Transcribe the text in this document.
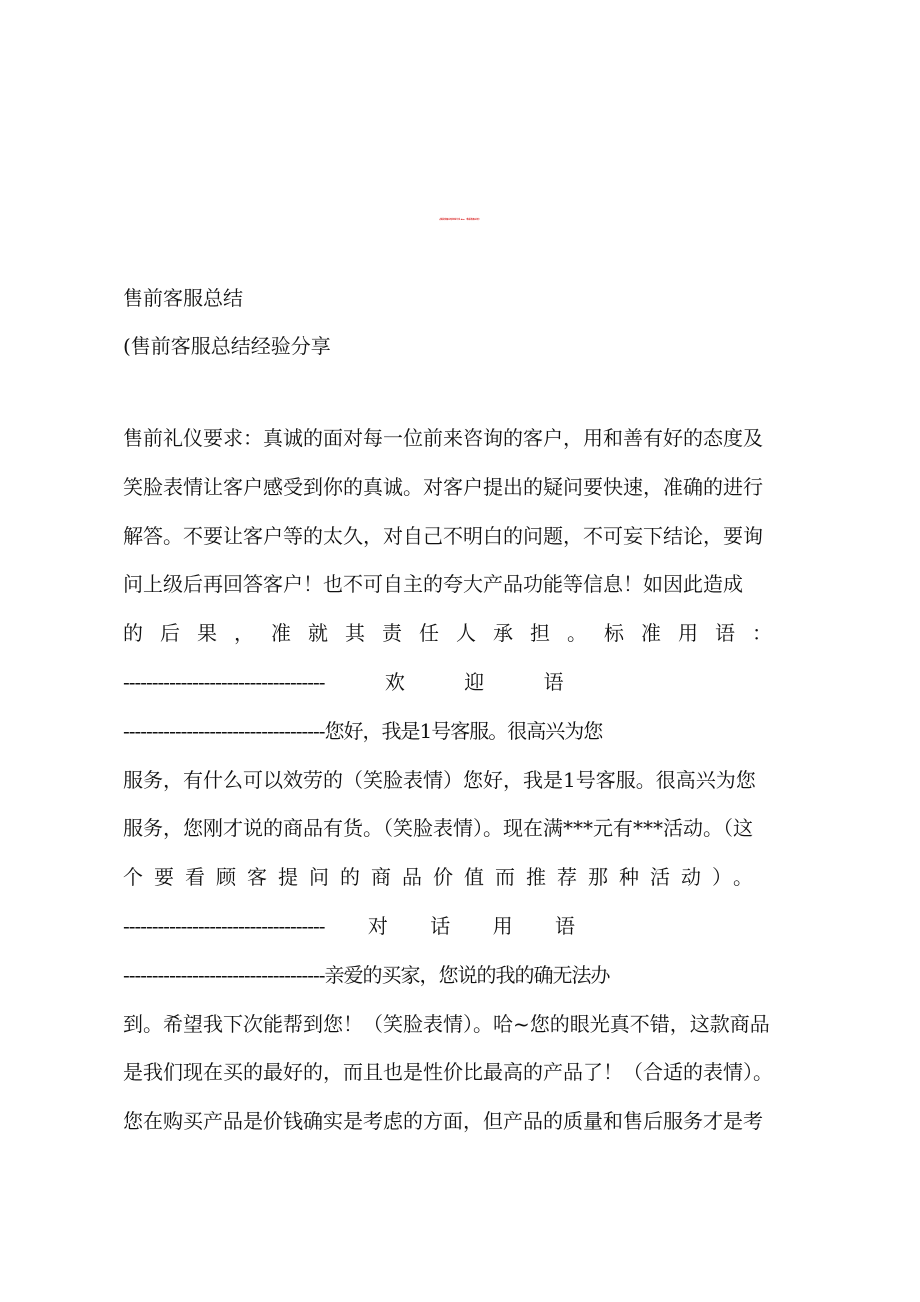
(售前客服总结经验分享.doc（售前客服总结）
售前客服总结
(售前客服总结经验分享
售前礼仪要求：真诚的面对每一位前来咨询的客户，用和善有好的态度及
笑脸表情让客户感受到你的真诚。对客户提出的疑问要快速，准确的进行
解答。不要让客户等的太久，对自己不明白的问题，不可妄下结论，要询
问上级后再回答客户！也不可自主的夸大产品功能等信息！如因此造成
的后果，准就其责任人承担。标准用语：
----------------------------------- 欢 迎 语
-----------------------------------您好，我是1号客服。很高兴为您
服务，有什么可以效劳的（笑脸表情）您好，我是1号客服。很高兴为您
服务，您刚才说的商品有货。（笑脸表情）。现在满***元有***活动。（这
个要看顾客提问的商品价值而推荐那种活动）。
----------------------------------- 对 话 用 语
-----------------------------------亲爱的买家，您说的我的确无法办
到。希望我下次能帮到您！（笑脸表情）。哈~您的眼光真不错，这款商品
是我们现在买的最好的，而且也是性价比最高的产品了！（合适的表情）。
您在购买产品是价钱确实是考虑的方面，但产品的质量和售后服务才是考
